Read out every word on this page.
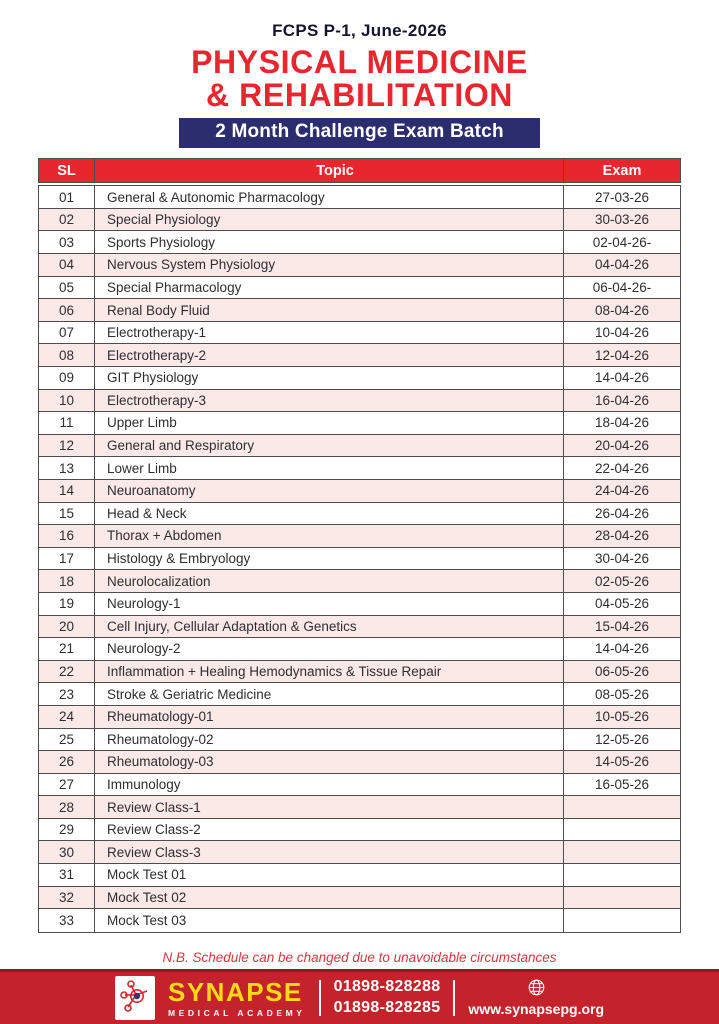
FCPS P-1, June-2026
PHYSICAL MEDICINE
& REHABILITATION
2 Month Challenge Exam Batch
SL	Topic	Exam
01	General & Autonomic Pharmacology	27-03-26
02	Special Physiology	30-03-26
03	Sports Physiology	02-04-26-
04	Nervous System Physiology	04-04-26
05	Special Pharmacology	06-04-26-
06	Renal Body Fluid	08-04-26
07	Electrotherapy-1	10-04-26
08	Electrotherapy-2	12-04-26
09	GIT Physiology	14-04-26
10	Electrotherapy-3	16-04-26
11	Upper Limb	18-04-26
12	General and Respiratory	20-04-26
13	Lower Limb	22-04-26
14	Neuroanatomy	24-04-26
15	Head & Neck	26-04-26
16	Thorax + Abdomen	28-04-26
17	Histology & Embryology	30-04-26
18	Neurolocalization	02-05-26
19	Neurology-1	04-05-26
20	Cell Injury, Cellular Adaptation & Genetics	15-04-26
21	Neurology-2	14-04-26
22	Inflammation + Healing Hemodynamics & Tissue Repair	06-05-26
23	Stroke & Geriatric Medicine	08-05-26
24	Rheumatology-01	10-05-26
25	Rheumatology-02	12-05-26
26	Rheumatology-03	14-05-26
27	Immunology	16-05-26
28	Review Class-1
29	Review Class-2
30	Review Class-3
31	Mock Test 01
32	Mock Test 02
33	Mock Test 03
N.B. Schedule can be changed due to unavoidable circumstances
SYNAPSE
MEDICAL ACADEMY
01898-828288
01898-828285 www.synapsepg.org
